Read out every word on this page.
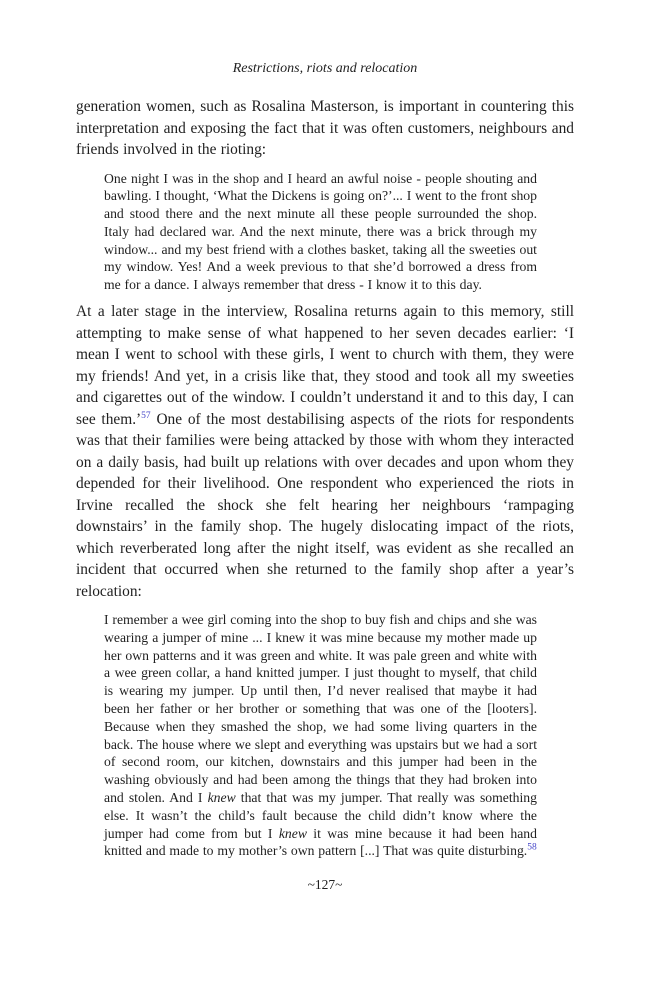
Restrictions, riots and relocation

generation women, such as Rosalina Masterson, is important in countering this interpretation and exposing the fact that it was often customers, neighbours and friends involved in the rioting:

One night I was in the shop and I heard an awful noise - people shouting and bawling. I thought, ‘What the Dickens is going on?’... I went to the front shop and stood there and the next minute all these people surrounded the shop. Italy had declared war. And the next minute, there was a brick through my window... and my best friend with a clothes basket, taking all the sweeties out my window. Yes! And a week previous to that she’d borrowed a dress from me for a dance. I always remember that dress - I know it to this day.

At a later stage in the interview, Rosalina returns again to this memory, still attempting to make sense of what happened to her seven decades earlier: ‘I mean I went to school with these girls, I went to church with them, they were my friends! And yet, in a crisis like that, they stood and took all my sweeties and cigarettes out of the window. I couldn’t understand it and to this day, I can see them.’$^{57}$ One of the most destabilising aspects of the riots for respondents was that their families were being attacked by those with whom they interacted on a daily basis, had built up relations with over decades and upon whom they depended for their livelihood. One respondent who experienced the riots in Irvine recalled the shock she felt hearing her neighbours ‘rampaging downstairs’ in the family shop. The hugely dislocating impact of the riots, which reverberated long after the night itself, was evident as she recalled an incident that occurred when she returned to the family shop after a year’s relocation:

I remember a wee girl coming into the shop to buy fish and chips and she was wearing a jumper of mine ... I knew it was mine because my mother made up her own patterns and it was green and white. It was pale green and white with a wee green collar, a hand knitted jumper. I just thought to myself, that child is wearing my jumper. Up until then, I’d never realised that maybe it had been her father or her brother or something that was one of the [looters]. Because when they smashed the shop, we had some living quarters in the back. The house where we slept and everything was upstairs but we had a sort of second room, our kitchen, downstairs and this jumper had been in the washing obviously and had been among the things that they had broken into and stolen. And I knew that that was my jumper. That really was something else. It wasn’t the child’s fault because the child didn’t know where the jumper had come from but I knew it was mine because it had been hand knitted and made to my mother’s own pattern [...] That was quite disturbing.$^{58}$

~127~
